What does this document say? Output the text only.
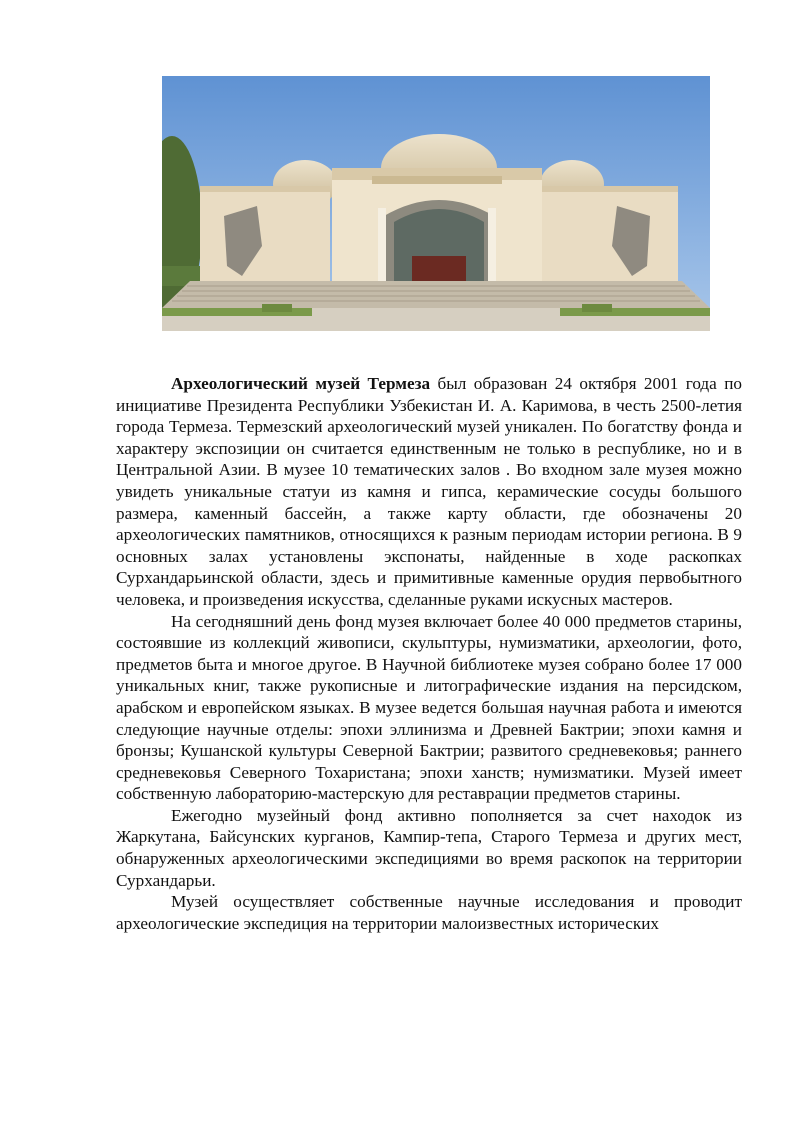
Археологический музей Термеза был образован 24 октября 2001 года по инициативе Президента Республики Узбекистан И. А. Каримова, в честь 2500-летия города Термеза. Термезский археологический музей уникален. По богатству фонда и характеру экспозиции он считается единственным не только в республике, но и в Центральной Азии. В музее 10 тематических залов . Во входном зале музея можно увидеть уникальные статуи из камня и гипса, керамические сосуды большого размера, каменный бассейн, а также карту области, где обозначены 20 археологических памятников, относящихся к разным периодам истории региона. В 9 основных залах установлены экспонаты, найденные в ходе раскопках Сурхандарьинской области, здесь и примитивные каменные орудия первобытного человека, и произведения искусства, сделанные руками искусных мастеров.

На сегодняшний день фонд музея включает более 40 000 предметов старины, состоявшие из коллекций живописи, скульптуры, нумизматики, археологии, фото, предметов быта и многое другое. В Научной библиотеке музея собрано более 17 000 уникальных книг, также рукописные и литографические издания на персидском, арабском и европейском языках. В музее ведется большая научная работа и имеются следующие научные отделы: эпохи эллинизма и Древней Бактрии; эпохи камня и бронзы; Кушанской культуры Северной Бактрии; развитого средневековья; раннего средневековья Северного Тохаристана; эпохи ханств; нумизматики. Музей имеет собственную лабораторию-мастерскую для реставрации предметов старины.

Ежегодно музейный фонд активно пополняется за счет находок из Жаркутана, Байсунских курганов, Кампир-тепа, Старого Термеза и других мест, обнаруженных археологическими экспедициями во время раскопок на территории Сурхандарьи.

Музей осуществляет собственные научные исследования и проводит археологические экспедиция на территории малоизвестных исторических
